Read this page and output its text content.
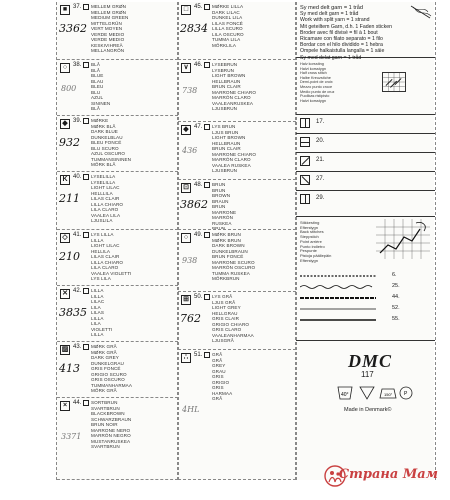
■ 37.
3362
MELLEM GRØN
MELLEM GRØN
MEDIUM GREEN
MITTELGRÜN
VERT MOYEN
VERDE MEDIO
VERDE MEDIO
KESKIVIHREÄ
MELLANGRÖN
○ 38.
800
BLÅ
BLÅ
BLUE
BLAU
BLEU
BLU
AZUL
SININEN
BLÅ
◆ 39.
932
MØRKE
MØRK BLÅ
DARK BLUE
DUNKELBLAU
BLEU FONCÉ
BLU SCURO
AZUL OSCURO
TUMMANSININEN
MÖRK BLÅ
K 40.
211
LYSELILLA
LYSELILLA
LIGHT LILAC
HELLLILA
LILAS CLAIR
LILLA CHIARO
LILA CLARO
VAALEA LILA
LJUSLILA
◇ 41.
210
LYS LILLA
LILLA
LIGHT LILAC
HELLILA
LILAS CLAIR
LILLA CHIARO
LILA CLARO
VAALEA VIOLETTI
LYS LILA
✕ 42.
3835
LILLA
LILLA
LILAC
LILA
LILAS
LILLA
LILA
VIOLETTI
LILLA
▨ 43.
413
MØRK GRÅ
MØRK GRÅ
DARK GREY
DUNKELGRAU
GRIS FONCÉ
GRIGIO SCURO
GRIS OSCURO
TUMMANHARMAA
MÖRK GRÅ
× 44.
3371
SORTBRUN
SVARTBRUN
BLACKBROWN
SCHWARZBRAUN
BRUN NOIR
MARRONE NERO
MARRÓN NEGRO
MUSTANRUSKEA
SVARTBRUN
□ 45.
2834
MØRKE LILLA
DARK LILAC
DUNKEL LILA
LILAS FONCÉ
LILLA SCURO
LILA OSCURO
TUMMA LILA
MÖRKLILA
∨ 46.
738
LYSEBRUN
LYSBRUN
LIGHT BROWN
HELLBRAUN
BRUN CLAIR
MARRONE CHIARO
MARRÓN CLARO
VAALEANRUSKEA
LJUSBRUN
◆ 47.
436
LYS BRUN
LJUS BRUN
LIGHT BROWN
HELLBRAUN
BRUN CLAIR
MARRONE CHIARO
MARRÓN CLARO
VAALEA RUSKEA
LJUSBRUN
⊡ 48.
3862
BRUN
BRUN
BROWN
BRAUN
BRUN
MARRONE
MARRÓN
RUSKEA
BRUN
○ 49.
938
MØRK BRUN
MØRK BRUN
DARK BROWN
DUNKELBRAUN
BRUN FONCÉ
MARRONE SCURO
MARRÓN OSCURO
TUMMA RUSKEA
MÖRKBRUN
⊞ 50.
762
LYS GRÅ
LJUS GRÅ
LIGHT GREY
HELLGRAU
GRIS CLAIR
GRIGIO CHIARO
GRIS CLARO
VAALEANHARMAA
LJUSGRÅ
∴ 51.
4HL
GRÅ
GRÅ
GREY
GRAU
GRIS
GRIGIO
GRIS
HARMAA
GRÅ
Sy med delt garn = 1 tråd
Sy med delt garn = 1 tråd
Work with split yarn = 1 strand
Mit geteiltem Garn, d.h. 1 Faden sticken
Broder avec fil divisé = fil à 1 bout
Ricamare con filato separato = 1 filo
Bordar con el hilo dividido = 1 hebra
Ompele halkaistulla langalla = 1 säie
Sy med delat garn = 1 tråd
Halv korssting
Halvt korsstygn
Half cross stitch
Halbe Kreuzstiche
Demi-point de croix
Mezzo punto croce
Medio punto de cruz
Puolikas ristipisto
Halvt korsstygn
17.
20.
21.
27.
29.
Stikkesting
Efterstygn
Back stitches
Steppstich
Point arrière
Punto indietro
Pespunte
Pistoja päällepäin
Efterstygn
6.
25.
44.
52.
55.
DMC
117
40°	150° P
Made in Denmark©
Страна Мам
